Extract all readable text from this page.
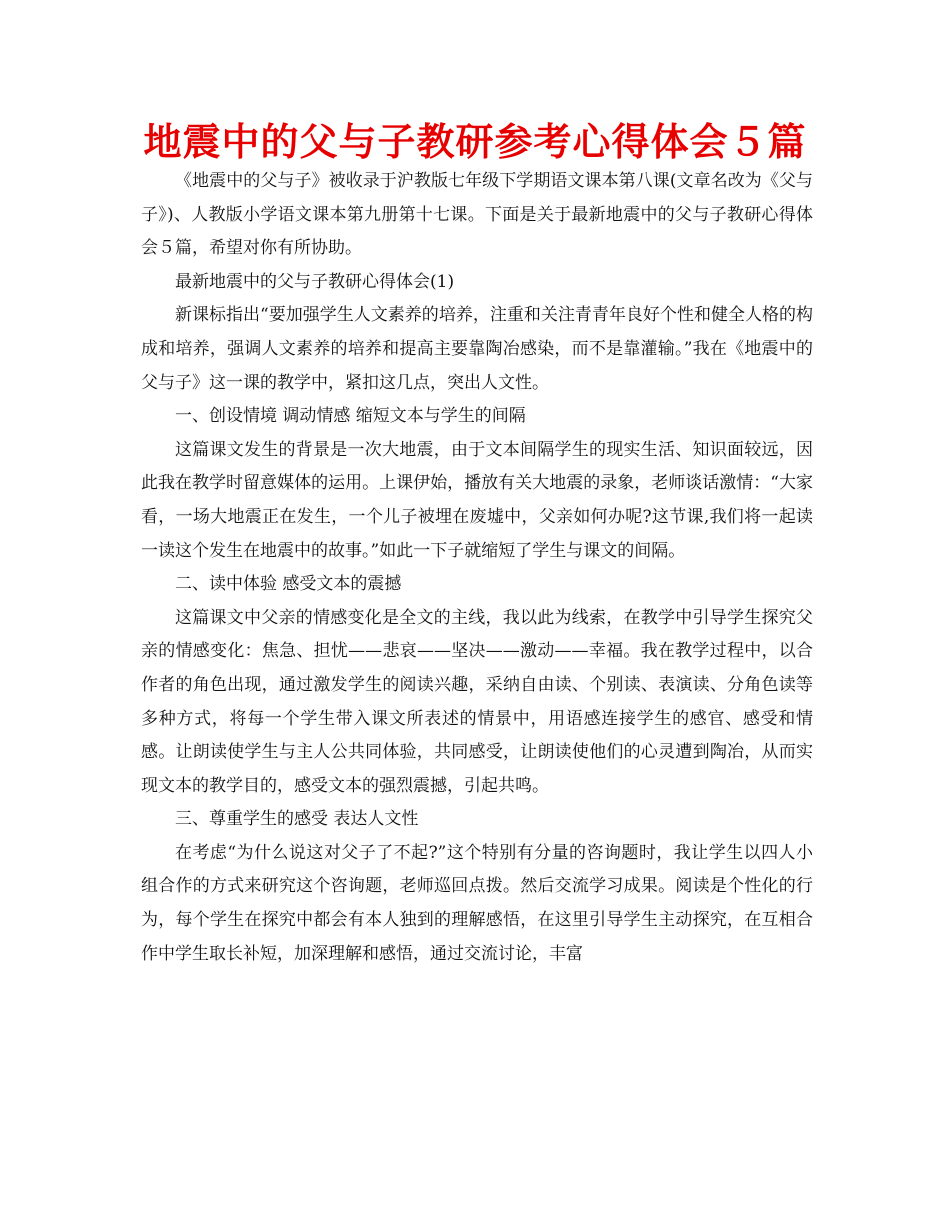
地震中的父与子教研参考心得体会５篇

《地震中的父与子》被收录于沪教版七年级下学期语文课本第八课(文章名改为《父与子》)、人教版小学语文课本第九册第十七课。下面是关于最新地震中的父与子教研心得体会５篇，希望对你有所协助。

最新地震中的父与子教研心得体会(1)

新课标指出“要加强学生人文素养的培养，注重和关注青青年良好个性和健全人格的构成和培养，强调人文素养的培养和提高主要靠陶冶感染，而不是靠灌输。”我在《地震中的父与子》这一课的教学中，紧扣这几点，突出人文性。

一、创设情境 调动情感 缩短文本与学生的间隔

这篇课文发生的背景是一次大地震，由于文本间隔学生的现实生活、知识面较远，因此我在教学时留意媒体的运用。上课伊始，播放有关大地震的录象，老师谈话激情：“大家看，一场大地震正在发生，一个儿子被埋在废墟中，父亲如何办呢?这节课,我们将一起读一读这个发生在地震中的故事。”如此一下子就缩短了学生与课文的间隔。

二、读中体验 感受文本的震撼

这篇课文中父亲的情感变化是全文的主线，我以此为线索，在教学中引导学生探究父亲的情感变化：焦急、担忧——悲哀——坚决——激动——幸福。我在教学过程中，以合作者的角色出现，通过激发学生的阅读兴趣，采纳自由读、个别读、表演读、分角色读等多种方式，将每一个学生带入课文所表述的情景中，用语感连接学生的感官、感受和情感。让朗读使学生与主人公共同体验，共同感受，让朗读使他们的心灵遭到陶冶，从而实现文本的教学目的，感受文本的强烈震撼，引起共鸣。

三、尊重学生的感受 表达人文性

在考虑“为什么说这对父子了不起?”这个特别有分量的咨询题时，我让学生以四人小组合作的方式来研究这个咨询题，老师巡回点拨。然后交流学习成果。阅读是个性化的行为，每个学生在探究中都会有本人独到的理解感悟，在这里引导学生主动探究，在互相合作中学生取长补短，加深理解和感悟，通过交流讨论，丰富
